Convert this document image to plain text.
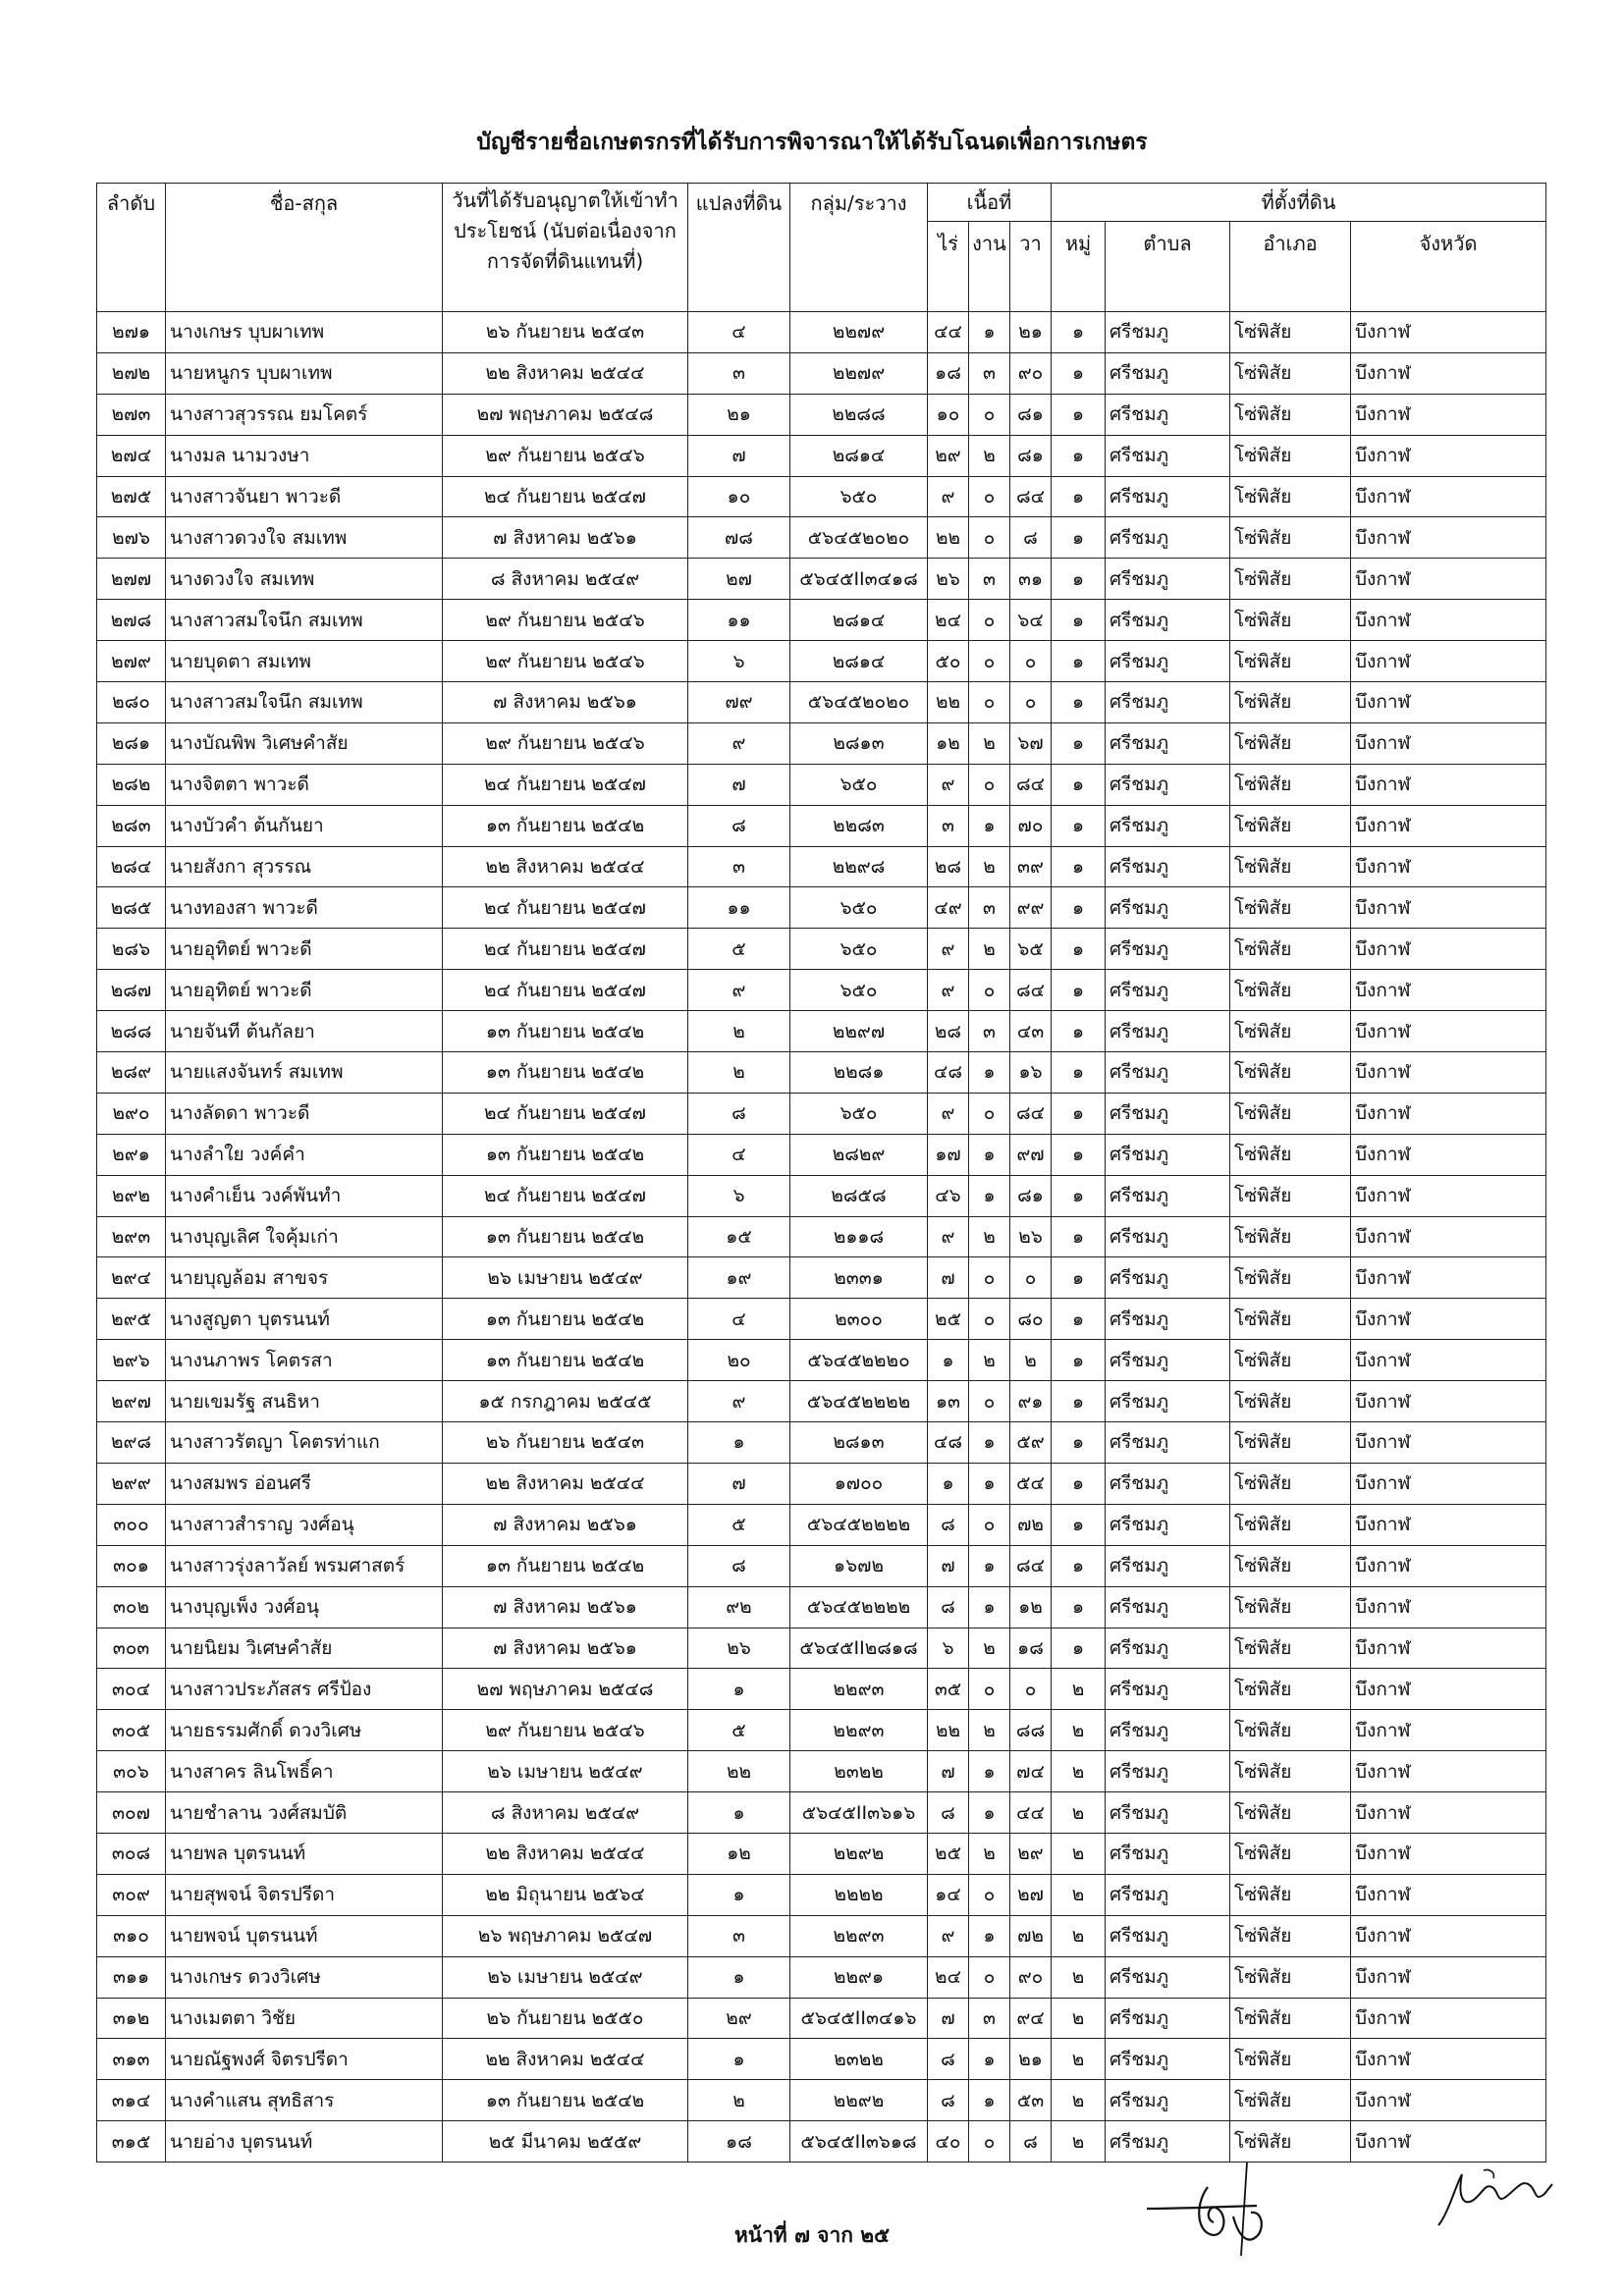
บัญชีรายชื่อเกษตรกรที่ได้รับการพิจารณาให้ได้รับโฉนดเพื่อการเกษตร
ลำดับ	ชื่อ-สกุล	วันที่ได้รับอนุญาตให้เข้าทำประโยชน์ (นับต่อเนื่องจากการจัดที่ดินแทนที่)	แปลงที่ดิน	กลุ่ม/ระวาง	เนื้อที่			ที่ตั้งที่ดิน			
					ไร่	งาน	วา	หมู่	ตำบล	อำเภอ	จังหวัด
๒๗๑	นางเกษร บุบผาเทพ	๒๖ กันยายน ๒๕๔๓	๔	๒๒๗๙	๔๔	๑	๒๑	๑	ศรีชมภู	โซ่พิสัย	บึงกาฬ
๒๗๒	นายหนูกร บุบผาเทพ	๒๒ สิงหาคม ๒๕๔๔	๓	๒๒๗๙	๑๘	๓	๙๐	๑	ศรีชมภู	โซ่พิสัย	บึงกาฬ
๒๗๓	นางสาวสุวรรณ ยมโคตร์	๒๗ พฤษภาคม ๒๕๔๘	๒๑	๒๒๘๘	๑๐	๐	๘๑	๑	ศรีชมภู	โซ่พิสัย	บึงกาฬ
๒๗๔	นางมล นามวงษา	๒๙ กันยายน ๒๕๔๖	๗	๒๘๑๔	๒๙	๒	๘๑	๑	ศรีชมภู	โซ่พิสัย	บึงกาฬ
๒๗๕	นางสาวจันยา พาวะดี	๒๔ กันยายน ๒๕๔๗	๑๐	๖๕๐	๙	๐	๘๔	๑	ศรีชมภู	โซ่พิสัย	บึงกาฬ
๒๗๖	นางสาวดวงใจ สมเทพ	๗ สิงหาคม ๒๕๖๑	๗๘	๕๖๔๕๒๐๒๐	๒๒	๐	๘	๑	ศรีชมภู	โซ่พิสัย	บึงกาฬ
๒๗๗	นางดวงใจ สมเทพ	๘ สิงหาคม ๒๕๔๙	๒๗	๕๖๔๕II๓๔๑๘	๒๖	๓	๓๑	๑	ศรีชมภู	โซ่พิสัย	บึงกาฬ
๒๗๘	นางสาวสมใจนึก สมเทพ	๒๙ กันยายน ๒๕๔๖	๑๑	๒๘๑๔	๒๔	๐	๖๔	๑	ศรีชมภู	โซ่พิสัย	บึงกาฬ
๒๗๙	นายบุดตา สมเทพ	๒๙ กันยายน ๒๕๔๖	๖	๒๘๑๔	๕๐	๐	๐	๑	ศรีชมภู	โซ่พิสัย	บึงกาฬ
๒๘๐	นางสาวสมใจนึก สมเทพ	๗ สิงหาคม ๒๕๖๑	๗๙	๕๖๔๕๒๐๒๐	๒๒	๐	๐	๑	ศรีชมภู	โซ่พิสัย	บึงกาฬ
๒๘๑	นางบัณพิพ วิเศษคำสัย	๒๙ กันยายน ๒๕๔๖	๙	๒๘๑๓	๑๒	๒	๖๗	๑	ศรีชมภู	โซ่พิสัย	บึงกาฬ
๒๘๒	นางจิตตา พาวะดี	๒๔ กันยายน ๒๕๔๗	๗	๖๕๐	๙	๐	๘๔	๑	ศรีชมภู	โซ่พิสัย	บึงกาฬ
๒๘๓	นางบัวคำ ต้นกันยา	๑๓ กันยายน ๒๕๔๒	๘	๒๒๘๓	๓	๑	๗๐	๑	ศรีชมภู	โซ่พิสัย	บึงกาฬ
๒๘๔	นายสังกา สุวรรณ	๒๒ สิงหาคม ๒๕๔๔	๓	๒๒๙๘	๒๘	๒	๓๙	๑	ศรีชมภู	โซ่พิสัย	บึงกาฬ
๒๘๕	นางทองสา พาวะดี	๒๔ กันยายน ๒๕๔๗	๑๑	๖๕๐	๔๙	๓	๙๙	๑	ศรีชมภู	โซ่พิสัย	บึงกาฬ
๒๘๖	นายอุทิตย์ พาวะดี	๒๔ กันยายน ๒๕๔๗	๕	๖๕๐	๙	๒	๖๕	๑	ศรีชมภู	โซ่พิสัย	บึงกาฬ
๒๘๗	นายอุทิตย์ พาวะดี	๒๔ กันยายน ๒๕๔๗	๙	๖๕๐	๙	๐	๘๔	๑	ศรีชมภู	โซ่พิสัย	บึงกาฬ
๒๘๘	นายจันที ต้นกัลยา	๑๓ กันยายน ๒๕๔๒	๒	๒๒๙๗	๒๘	๓	๔๓	๑	ศรีชมภู	โซ่พิสัย	บึงกาฬ
๒๘๙	นายแสงจันทร์ สมเทพ	๑๓ กันยายน ๒๕๔๒	๒	๒๒๘๑	๔๘	๑	๑๖	๑	ศรีชมภู	โซ่พิสัย	บึงกาฬ
๒๙๐	นางลัดดา พาวะดี	๒๔ กันยายน ๒๕๔๗	๘	๖๕๐	๙	๐	๘๔	๑	ศรีชมภู	โซ่พิสัย	บึงกาฬ
๒๙๑	นางลำใย วงค์คำ	๑๓ กันยายน ๒๕๔๒	๔	๒๘๒๙	๑๗	๑	๙๗	๑	ศรีชมภู	โซ่พิสัย	บึงกาฬ
๒๙๒	นางคำเย็น วงค์พันทำ	๒๔ กันยายน ๒๕๔๗	๖	๒๘๕๘	๔๖	๑	๘๑	๑	ศรีชมภู	โซ่พิสัย	บึงกาฬ
๒๙๓	นางบุญเลิศ ใจคุ้มเก่า	๑๓ กันยายน ๒๕๔๒	๑๕	๒๑๑๘	๙	๒	๒๖	๑	ศรีชมภู	โซ่พิสัย	บึงกาฬ
๒๙๔	นายบุญล้อม สาขจร	๒๖ เมษายน ๒๕๔๙	๑๙	๒๓๓๑	๗	๐	๐	๑	ศรีชมภู	โซ่พิสัย	บึงกาฬ
๒๙๕	นางสูญตา บุตรนนท์	๑๓ กันยายน ๒๕๔๒	๔	๒๓๐๐	๒๕	๐	๘๐	๑	ศรีชมภู	โซ่พิสัย	บึงกาฬ
๒๙๖	นางนภาพร โคตรสา	๑๓ กันยายน ๒๕๔๒	๒๐	๕๖๔๕๒๒๒๐	๑	๒	๒	๑	ศรีชมภู	โซ่พิสัย	บึงกาฬ
๒๙๗	นายเขมรัฐ สนธิหา	๑๕ กรกฎาคม ๒๕๔๕	๙	๕๖๔๕๒๒๒๒	๑๓	๐	๙๑	๑	ศรีชมภู	โซ่พิสัย	บึงกาฬ
๒๙๘	นางสาวรัตญา โคตรท่าแก	๒๖ กันยายน ๒๕๔๓	๑	๒๘๑๓	๔๘	๑	๕๙	๑	ศรีชมภู	โซ่พิสัย	บึงกาฬ
๒๙๙	นางสมพร อ่อนศรี	๒๒ สิงหาคม ๒๕๔๔	๗	๑๗๐๐	๑	๑	๕๔	๑	ศรีชมภู	โซ่พิสัย	บึงกาฬ
๓๐๐	นางสาวสำราญ วงศ์อนุ	๗ สิงหาคม ๒๕๖๑	๕	๕๖๔๕๒๒๒๒	๘	๐	๗๒	๑	ศรีชมภู	โซ่พิสัย	บึงกาฬ
๓๐๑	นางสาวรุ่งลาวัลย์ พรมศาสตร์	๑๓ กันยายน ๒๕๔๒	๘	๑๖๗๒	๗	๑	๘๔	๑	ศรีชมภู	โซ่พิสัย	บึงกาฬ
๓๐๒	นางบุญเพ็ง วงศ์อนุ	๗ สิงหาคม ๒๕๖๑	๙๒	๕๖๔๕๒๒๒๒	๘	๑	๑๒	๑	ศรีชมภู	โซ่พิสัย	บึงกาฬ
๓๐๓	นายนิยม วิเศษคำสัย	๗ สิงหาคม ๒๕๖๑	๒๖	๕๖๔๕II๒๘๑๘	๖	๒	๑๘	๑	ศรีชมภู	โซ่พิสัย	บึงกาฬ
๓๐๔	นางสาวประภัสสร ศรีป้อง	๒๗ พฤษภาคม ๒๕๔๘	๑	๒๒๙๓	๓๕	๐	๐	๒	ศรีชมภู	โซ่พิสัย	บึงกาฬ
๓๐๕	นายธรรมศักดิ์ ดวงวิเศษ	๒๙ กันยายน ๒๕๔๖	๕	๒๒๙๓	๒๒	๒	๘๘	๒	ศรีชมภู	โซ่พิสัย	บึงกาฬ
๓๐๖	นางสาคร ลินโพธิ์คา	๒๖ เมษายน ๒๕๔๙	๒๒	๒๓๒๒	๗	๑	๗๔	๒	ศรีชมภู	โซ่พิสัย	บึงกาฬ
๓๐๗	นายชำลาน วงศ์สมบัติ	๘ สิงหาคม ๒๕๔๙	๑	๕๖๔๕II๓๖๑๖	๘	๑	๔๔	๒	ศรีชมภู	โซ่พิสัย	บึงกาฬ
๓๐๘	นายพล บุตรนนท์	๒๒ สิงหาคม ๒๕๔๔	๑๒	๒๒๙๒	๒๕	๒	๒๙	๒	ศรีชมภู	โซ่พิสัย	บึงกาฬ
๓๐๙	นายสุพจน์ จิตรปรีดา	๒๒ มิถุนายน ๒๕๖๔	๑	๒๒๒๒	๑๔	๐	๒๗	๒	ศรีชมภู	โซ่พิสัย	บึงกาฬ
๓๑๐	นายพจน์ บุตรนนท์	๒๖ พฤษภาคม ๒๕๔๗	๓	๒๒๙๓	๙	๑	๗๒	๒	ศรีชมภู	โซ่พิสัย	บึงกาฬ
๓๑๑	นางเกษร ดวงวิเศษ	๒๖ เมษายน ๒๕๔๙	๑	๒๒๙๑	๒๔	๐	๙๐	๒	ศรีชมภู	โซ่พิสัย	บึงกาฬ
๓๑๒	นางเมตตา วิชัย	๒๖ กันยายน ๒๕๕๐	๒๙	๕๖๔๕II๓๔๑๖	๗	๓	๙๔	๒	ศรีชมภู	โซ่พิสัย	บึงกาฬ
๓๑๓	นายณัฐพงศ์ จิตรปรีดา	๒๒ สิงหาคม ๒๕๔๔	๑	๒๓๒๒	๘	๑	๒๑	๒	ศรีชมภู	โซ่พิสัย	บึงกาฬ
๓๑๔	นางคำแสน สุทธิสาร	๑๓ กันยายน ๒๕๔๒	๒	๒๒๙๒	๘	๑	๕๓	๒	ศรีชมภู	โซ่พิสัย	บึงกาฬ
๓๑๕	นายอ่าง บุตรนนท์	๒๕ มีนาคม ๒๕๕๙	๑๘	๕๖๔๕II๓๖๑๘	๔๐	๐	๘	๒	ศรีชมภู	โซ่พิสัย	บึงกาฬ
หน้าที่ ๗ จาก ๒๕
